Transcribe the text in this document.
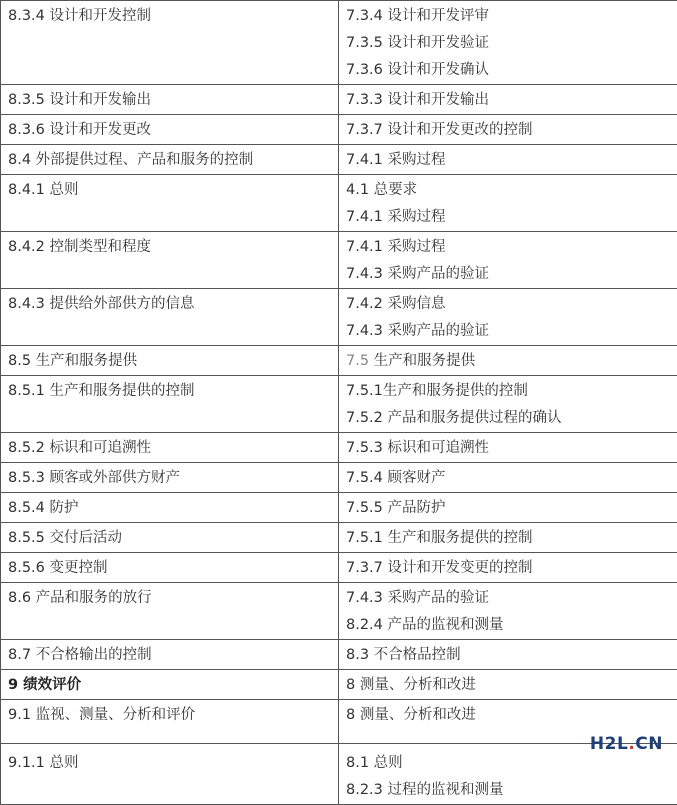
8.3.4 设计和开发控制	7.3.4 设计和开发评审
7.3.5 设计和开发验证
7.3.6 设计和开发确认

8.3.5 设计和开发输出	7.3.3 设计和开发输出

8.3.6 设计和开发更改	7.3.7 设计和开发更改的控制

8.4 外部提供过程、产品和服务的控制	7.4.1 采购过程

8.4.1 总则	4.1 总要求
7.4.1 采购过程

8.4.2 控制类型和程度	7.4.1 采购过程
7.4.3 采购产品的验证

8.4.3 提供给外部供方的信息	7.4.2 采购信息
7.4.3 采购产品的验证

8.5 生产和服务提供	7.5 生产和服务提供

8.5.1 生产和服务提供的控制	7.5.1生产和服务提供的控制
7.5.2 产品和服务提供过程的确认

8.5.2 标识和可追溯性	7.5.3 标识和可追溯性

8.5.3 顾客或外部供方财产	7.5.4 顾客财产

8.5.4 防护	7.5.5 产品防护

8.5.5 交付后活动	7.5.1 生产和服务提供的控制

8.5.6 变更控制	7.3.7 设计和开发变更的控制

8.6 产品和服务的放行	7.4.3 采购产品的验证
8.2.4 产品的监视和测量

8.7 不合格输出的控制	8.3 不合格品控制

9 绩效评价	8 测量、分析和改进

9.1 监视、测量、分析和评价	8 测量、分析和改进

9.1.1 总则	8.1 总则
8.2.3 过程的监视和测量
H2L.CN
